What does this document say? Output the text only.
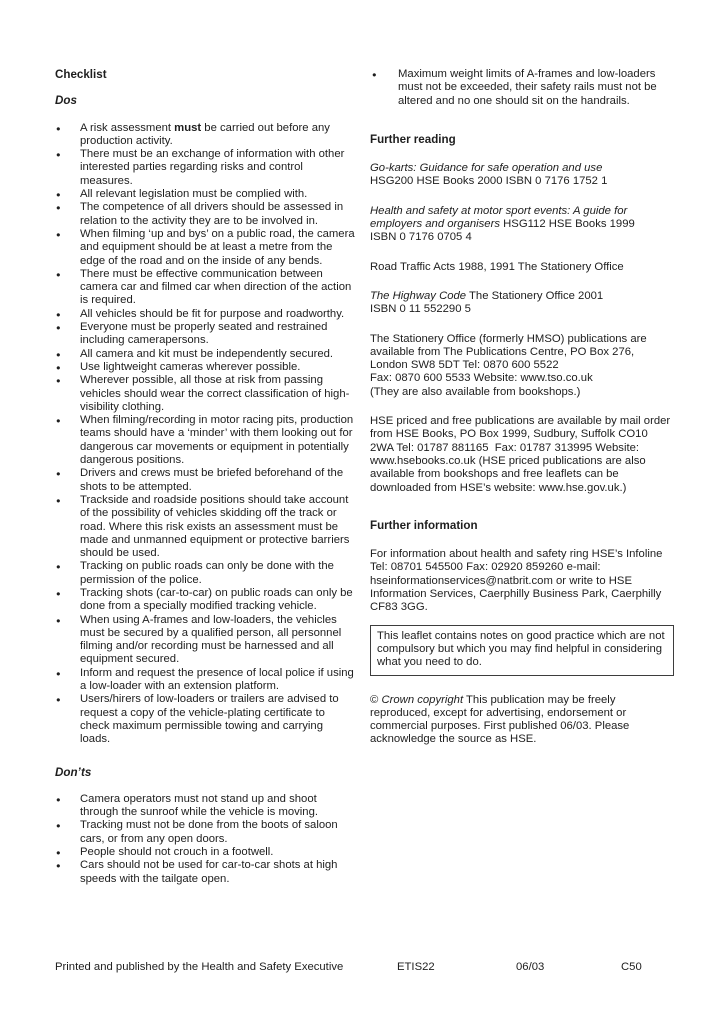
Checklist
Dos
● A risk assessment must be carried out before any production activity.
● There must be an exchange of information with other interested parties regarding risks and control measures.
● All relevant legislation must be complied with.
● The competence of all drivers should be assessed in relation to the activity they are to be involved in.
● When filming ‘up and bys’ on a public road, the camera and equipment should be at least a metre from the edge of the road and on the inside of any bends.
● There must be effective communication between camera car and filmed car when direction of the action is required.
● All vehicles should be fit for purpose and roadworthy.
● Everyone must be properly seated and restrained including camerapersons.
● All camera and kit must be independently secured.
● Use lightweight cameras wherever possible.
● Wherever possible, all those at risk from passing vehicles should wear the correct classification of high-visibility clothing.
● When filming/recording in motor racing pits, production teams should have a ‘minder’ with them looking out for dangerous car movements or equipment in potentially dangerous positions.
● Drivers and crews must be briefed beforehand of the shots to be attempted.
● Trackside and roadside positions should take account of the possibility of vehicles skidding off the track or road. Where this risk exists an assessment must be made and unmanned equipment or protective barriers should be used.
● Tracking on public roads can only be done with the permission of the police.
● Tracking shots (car-to-car) on public roads can only be done from a specially modified tracking vehicle.
● When using A-frames and low-loaders, the vehicles must be secured by a qualified person, all personnel filming and/or recording must be harnessed and all equipment secured.
● Inform and request the presence of local police if using a low-loader with an extension platform.
● Users/hirers of low-loaders or trailers are advised to request a copy of the vehicle-plating certificate to check maximum permissible towing and carrying loads.
Don’ts
● Camera operators must not stand up and shoot through the sunroof while the vehicle is moving.
● Tracking must not be done from the boots of saloon cars, or from any open doors.
● People should not crouch in a footwell.
● Cars should not be used for car-to-car shots at high speeds with the tailgate open.
● Maximum weight limits of A-frames and low-loaders must not be exceeded, their safety rails must not be altered and no one should sit on the handrails.
Further reading

Go-karts: Guidance for safe operation and use
HSG200 HSE Books 2000 ISBN 0 7176 1752 1

Health and safety at motor sport events: A guide for employers and organisers HSG112 HSE Books 1999
ISBN 0 7176 0705 4

Road Traffic Acts 1988, 1991 The Stationery Office

The Highway Code The Stationery Office 2001
ISBN 0 11 552290 5

The Stationery Office (formerly HMSO) publications are available from The Publications Centre, PO Box 276, London SW8 5DT Tel: 0870 600 5522
Fax: 0870 600 5533 Website: www.tso.co.uk
(They are also available from bookshops.)

HSE priced and free publications are available by mail order from HSE Books, PO Box 1999, Sudbury, Suffolk CO10 2WA Tel: 01787 881165  Fax: 01787 313995 Website: www.hsebooks.co.uk (HSE priced publications are also available from bookshops and free leaflets can be downloaded from HSE’s website: www.hse.gov.uk.)

Further information

For information about health and safety ring HSE’s Infoline Tel: 08701 545500 Fax: 02920 859260 e-mail: hseinformationservices@natbrit.com or write to HSE Information Services, Caerphilly Business Park, Caerphilly CF83 3GG.

This leaflet contains notes on good practice which are not compulsory but which you may find helpful in considering what you need to do.

© Crown copyright This publication may be freely reproduced, except for advertising, endorsement or commercial purposes. First published 06/03. Please acknowledge the source as HSE.

Printed and published by the Health and Safety Executive	ETIS22	06/03	C50
